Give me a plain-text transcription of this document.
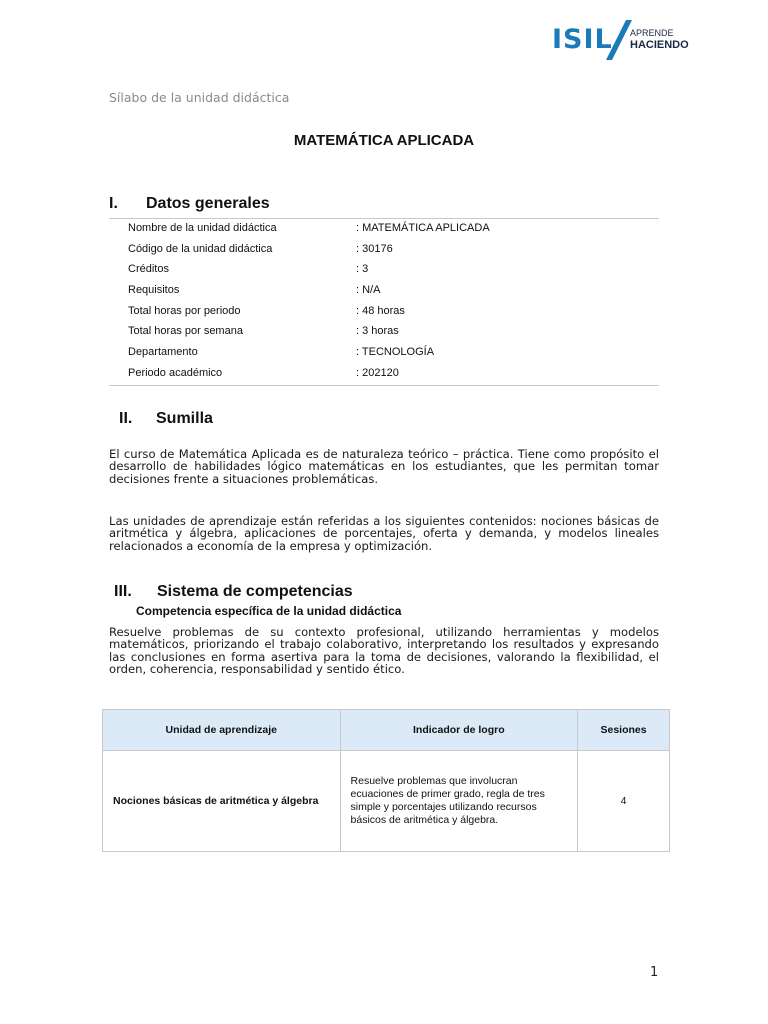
ISIL APRENDE
HACIENDO
Sílabo de la unidad didáctica
MATEMÁTICA APLICADA
I. Datos generales
Nombre de la unidad didáctica	: MATEMÁTICA APLICADA
Código de la unidad didáctica	: 30176
Créditos	: 3
Requisitos	: N/A
Total horas por periodo	: 48 horas
Total horas por semana	: 3 horas
Departamento	: TECNOLOGÍA
Periodo académico	: 202120
II. Sumilla
El curso de Matemática Aplicada es de naturaleza teórico – práctica. Tiene como propósito el desarrollo de habilidades lógico matemáticas en los estudiantes, que les permitan tomar decisiones frente a situaciones problemáticas.
Las unidades de aprendizaje están referidas a los siguientes contenidos: nociones básicas de aritmética y álgebra, aplicaciones de porcentajes, oferta y demanda, y modelos lineales relacionados a economía de la empresa y optimización.
III. Sistema de competencias
Competencia específica de la unidad didáctica
Resuelve problemas de su contexto profesional, utilizando herramientas y modelos matemáticos, priorizando el trabajo colaborativo, interpretando los resultados y expresando las conclusiones en forma asertiva para la toma de decisiones, valorando la flexibilidad, el orden, coherencia, responsabilidad y sentido ético.
Unidad de aprendizaje	Indicador de logro	Sesiones
Nociones básicas de aritmética y álgebra	Resuelve problemas que involucran ecuaciones de primer grado, regla de tres simple y porcentajes utilizando recursos básicos de aritmética y álgebra.	4
1
